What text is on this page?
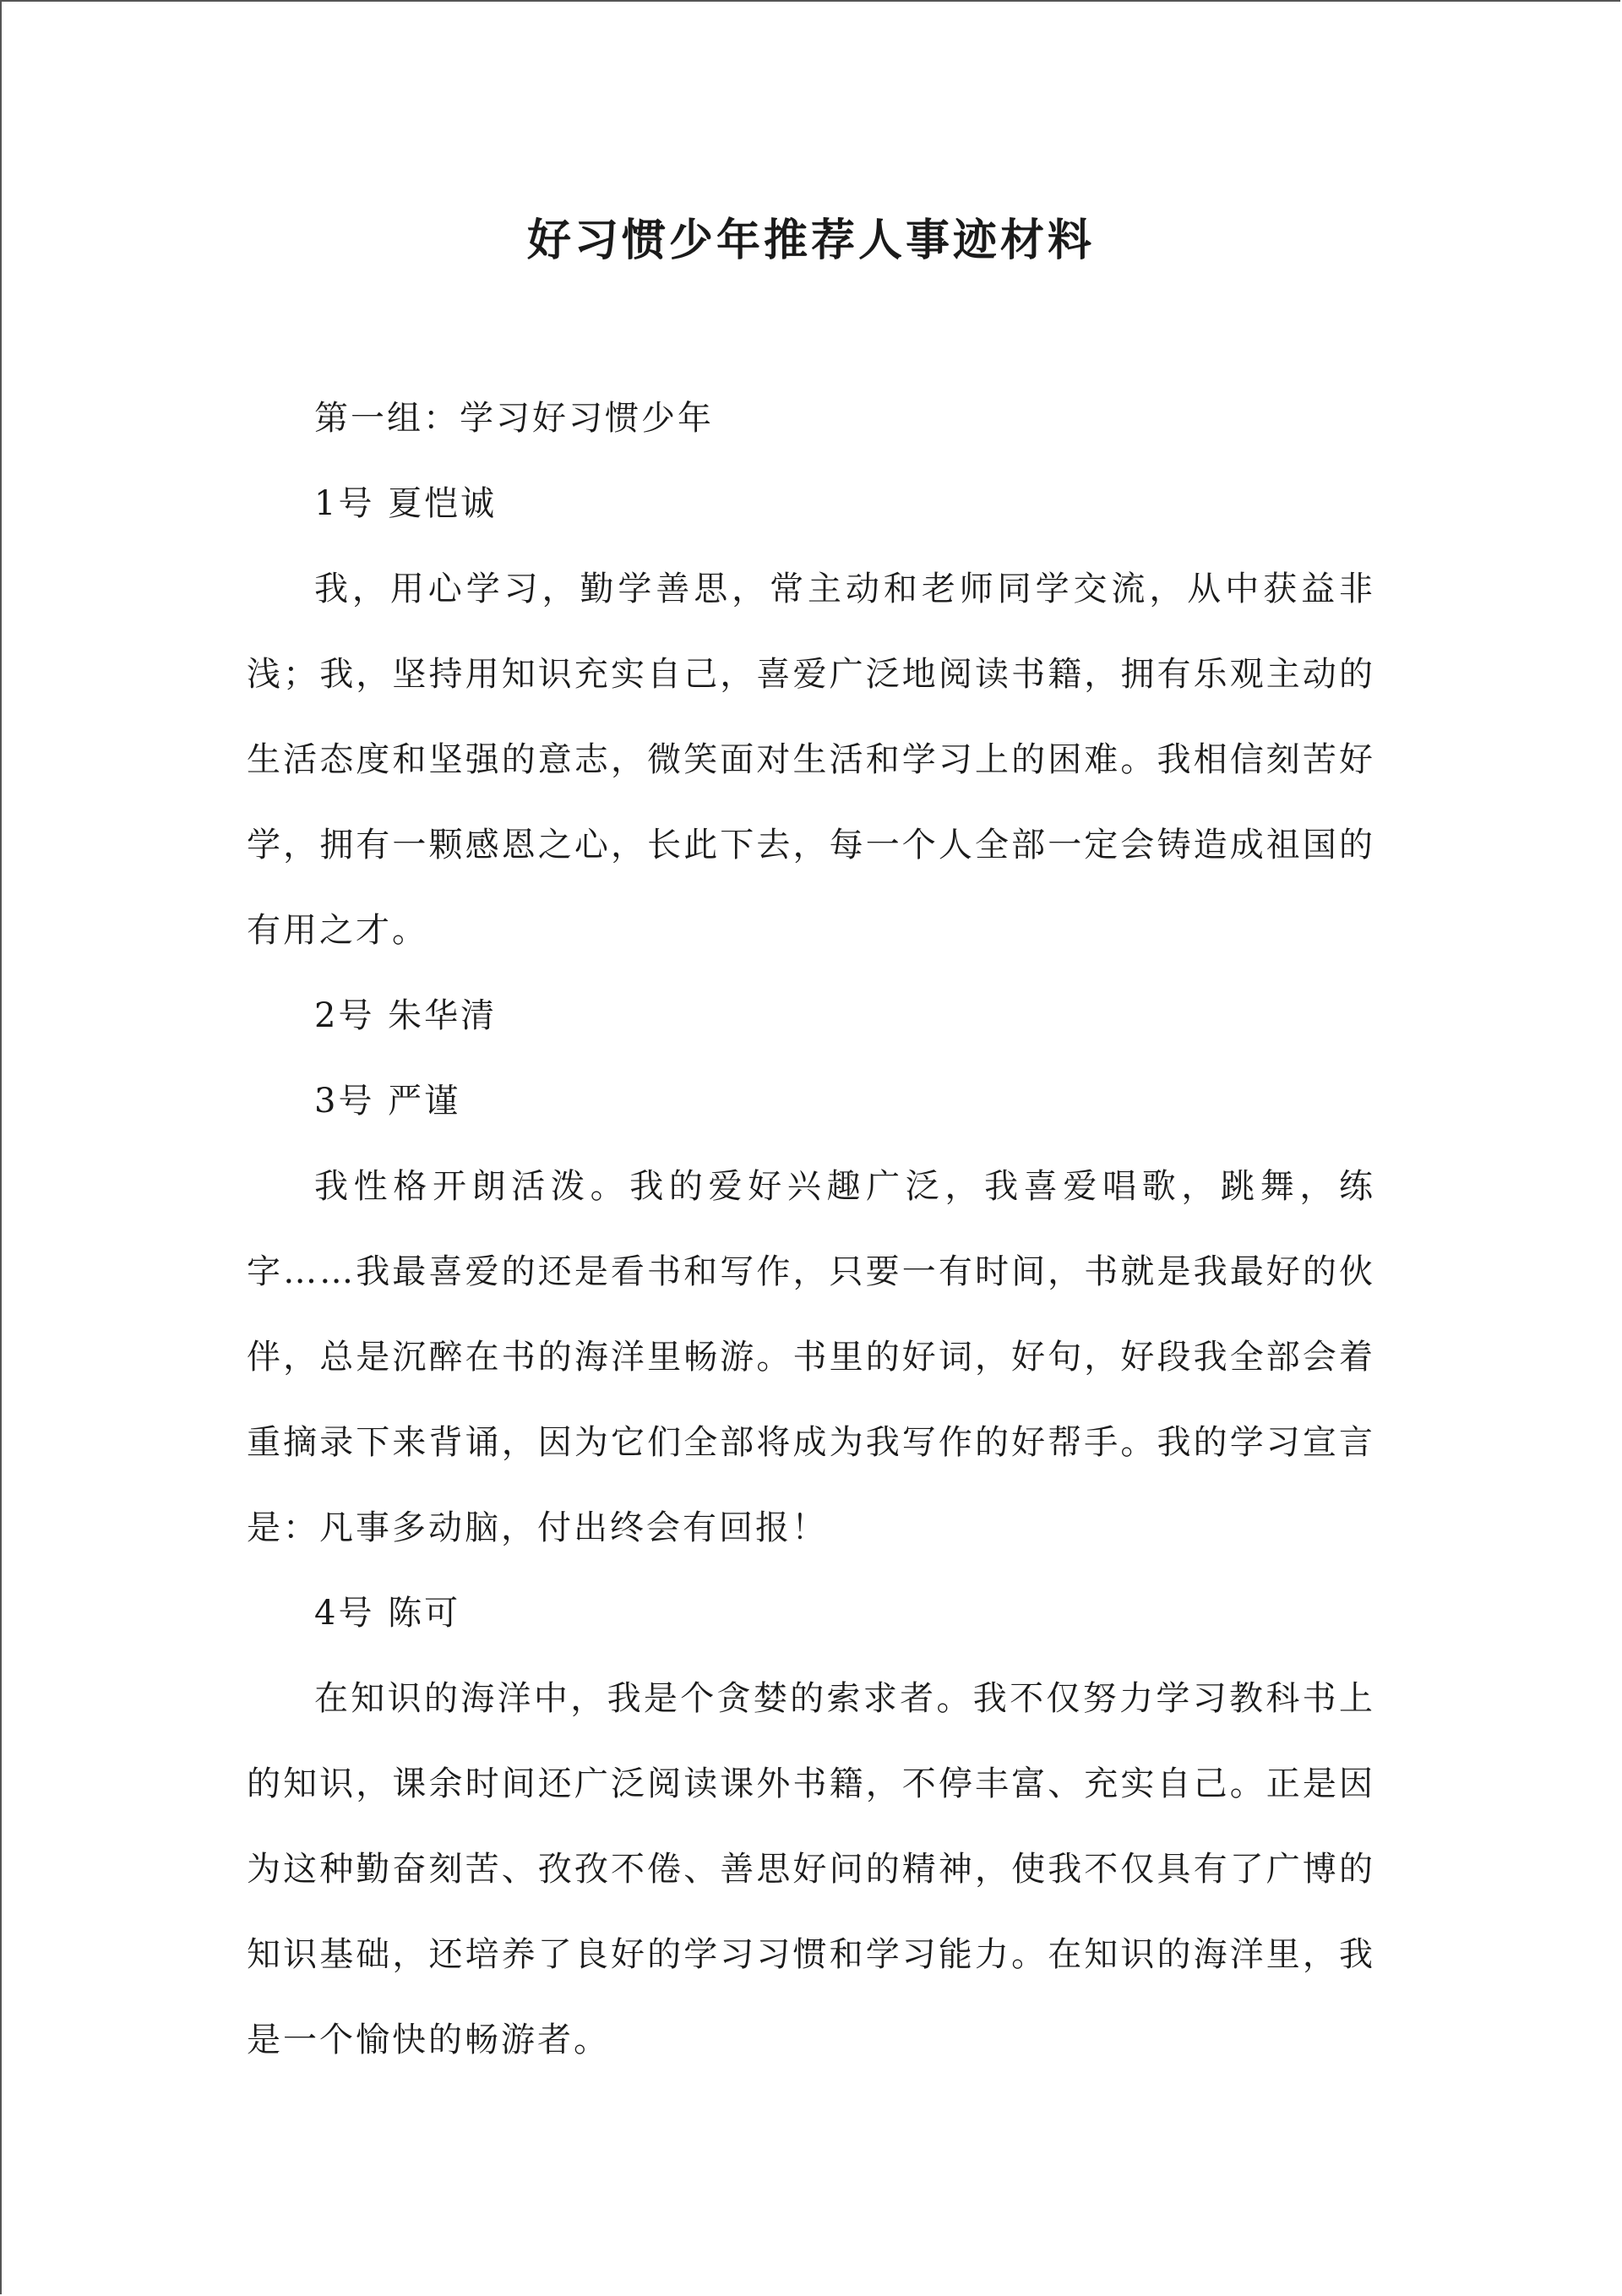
好习惯少年推荐人事迹材料

第一组：学习好习惯少年

1号 夏恺诚

我，用心学习，勤学善思，常主动和老师同学交流，从中获益非浅；我，坚持用知识充实自己，喜爱广泛地阅读书籍，拥有乐观主动的生活态度和坚强的意志，微笑面对生活和学习上的困难。我相信刻苦好学，拥有一颗感恩之心，长此下去，每一个人全部一定会铸造成祖国的有用之才。

2号 朱华清

3号 严谨

我性格开朗活泼。我的爱好兴趣广泛，我喜爱唱歌，跳舞，练字……我最喜爱的还是看书和写作，只要一有时间，书就是我最好的伙伴，总是沉醉在书的海洋里畅游。书里的好词，好句，好段我全部会着重摘录下来背诵，因为它们全部将成为我写作的好帮手。我的学习宣言是：凡事多动脑，付出终会有回报！

4号 陈可

在知识的海洋中，我是个贪婪的索求者。我不仅努力学习教科书上的知识，课余时间还广泛阅读课外书籍，不停丰富、充实自己。正是因为这种勤奋刻苦、孜孜不倦、善思好问的精神，使我不仅具有了广博的知识基础，还培养了良好的学习习惯和学习能力。在知识的海洋里，我是一个愉快的畅游者。
